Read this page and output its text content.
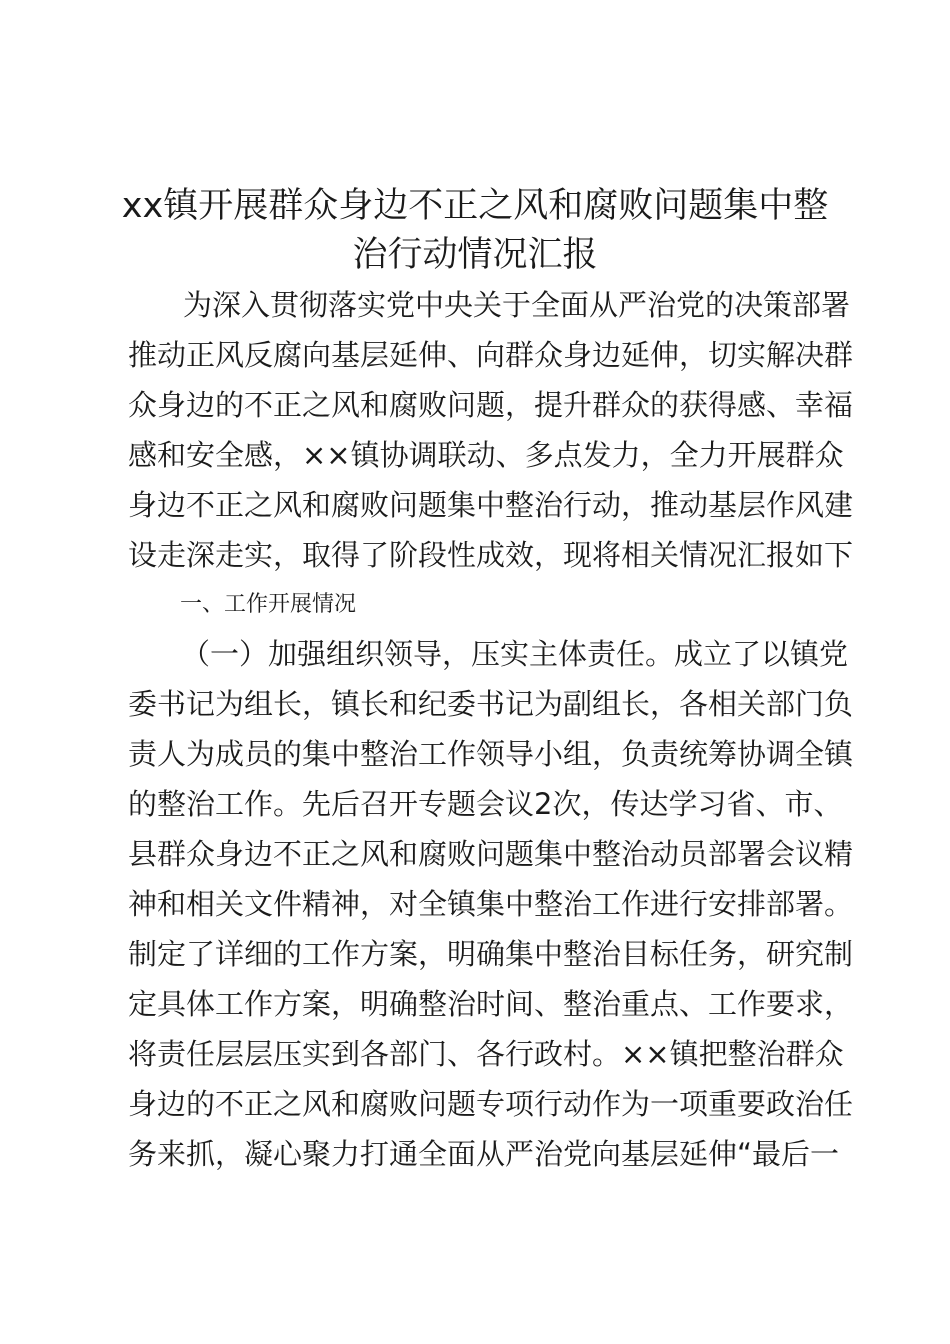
xx镇开展群众身边不正之风和腐败问题集中整
治行动情况汇报

为深入贯彻落实党中央关于全面从严治党的决策部署

推动正风反腐向基层延伸、向群众身边延伸，切实解决群

众身边的不正之风和腐败问题，提升群众的获得感、幸福

感和安全感，××镇协调联动、多点发力，全力开展群众

身边不正之风和腐败问题集中整治行动，推动基层作风建

设走深走实，取得了阶段性成效，现将相关情况汇报如下

一、工作开展情况

（一）加强组织领导，压实主体责任。成立了以镇党

委书记为组长，镇长和纪委书记为副组长，各相关部门负

责人为成员的集中整治工作领导小组，负责统筹协调全镇

的整治工作。先后召开专题会议2次，传达学习省、市、

县群众身边不正之风和腐败问题集中整治动员部署会议精

神和相关文件精神，对全镇集中整治工作进行安排部署。

制定了详细的工作方案，明确集中整治目标任务，研究制

定具体工作方案，明确整治时间、整治重点、工作要求，

将责任层层压实到各部门、各行政村。××镇把整治群众

身边的不正之风和腐败问题专项行动作为一项重要政治任

务来抓，凝心聚力打通全面从严治党向基层延伸“最后一
